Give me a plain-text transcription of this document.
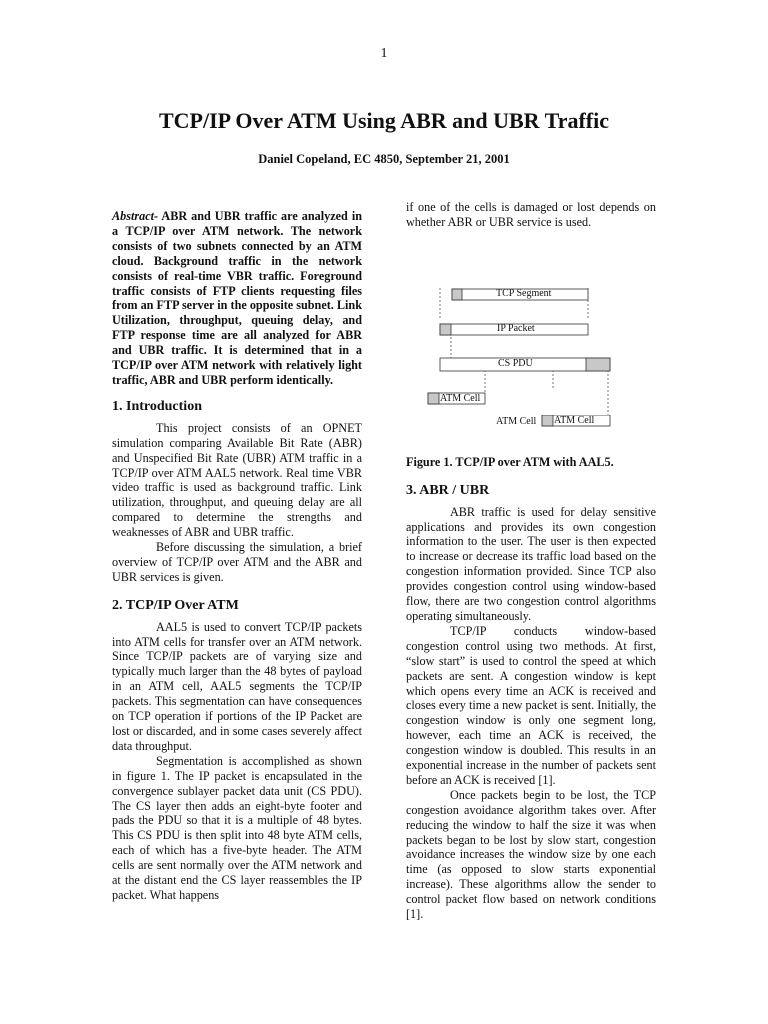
1
TCP/IP Over ATM Using ABR and UBR Traffic
Daniel Copeland, EC 4850, September 21, 2001

Abstract- ABR and UBR traffic are analyzed in a TCP/IP over ATM network. The network consists of two subnets connected by an ATM cloud. Background traffic in the network consists of real-time VBR traffic. Foreground traffic consists of FTP clients requesting files from an FTP server in the opposite subnet. Link Utilization, throughput, queuing delay, and FTP response time are all analyzed for ABR and UBR traffic. It is determined that in a TCP/IP over ATM network with relatively light traffic, ABR and UBR perform identically.

1. Introduction

This project consists of an OPNET simulation comparing Available Bit Rate (ABR) and Unspecified Bit Rate (UBR) ATM traffic in a TCP/IP over ATM AAL5 network. Real time VBR video traffic is used as background traffic. Link utilization, throughput, and queuing delay are all compared to determine the strengths and weaknesses of ABR and UBR traffic.

Before discussing the simulation, a brief overview of TCP/IP over ATM and the ABR and UBR services is given.

2. TCP/IP Over ATM

AAL5 is used to convert TCP/IP packets into ATM cells for transfer over an ATM network. Since TCP/IP packets are of varying size and typically much larger than the 48 bytes of payload in an ATM cell, AAL5 segments the TCP/IP packets. This segmentation can have consequences on TCP operation if portions of the IP Packet are lost or discarded, and in some cases severely affect data throughput.

Segmentation is accomplished as shown in figure 1. The IP packet is encapsulated in the convergence sublayer packet data unit (CS PDU). The CS layer then adds an eight-byte footer and pads the PDU so that it is a multiple of 48 bytes. This CS PDU is then split into 48 byte ATM cells, each of which has a five-byte header. The ATM cells are sent normally over the ATM network and at the distant end the CS layer reassembles the IP packet. What happens

if one of the cells is damaged or lost depends on whether ABR or UBR service is used.

TCP Segment
IP Packet
CS PDU
ATM Cell
ATM Cell ATM Cell
Figure 1. TCP/IP over ATM with AAL5.
3. ABR / UBR

ABR traffic is used for delay sensitive applications and provides its own congestion information to the user. The user is then expected to increase or decrease its traffic load based on the congestion information provided. Since TCP also provides congestion control using window-based flow, there are two congestion control algorithms operating simultaneously.

TCP/IP conducts window-based congestion control using two methods. At first, “slow start” is used to control the speed at which packets are sent. A congestion window is kept which opens every time an ACK is received and closes every time a new packet is sent. Initially, the congestion window is only one segment long, however, each time an ACK is received, the congestion window is doubled. This results in an exponential increase in the number of packets sent before an ACK is received [1].

Once packets begin to be lost, the TCP congestion avoidance algorithm takes over. After reducing the window to half the size it was when packets began to be lost by slow start, congestion avoidance increases the window size by one each time (as opposed to slow starts exponential increase). These algorithms allow the sender to control packet flow based on network conditions [1].
